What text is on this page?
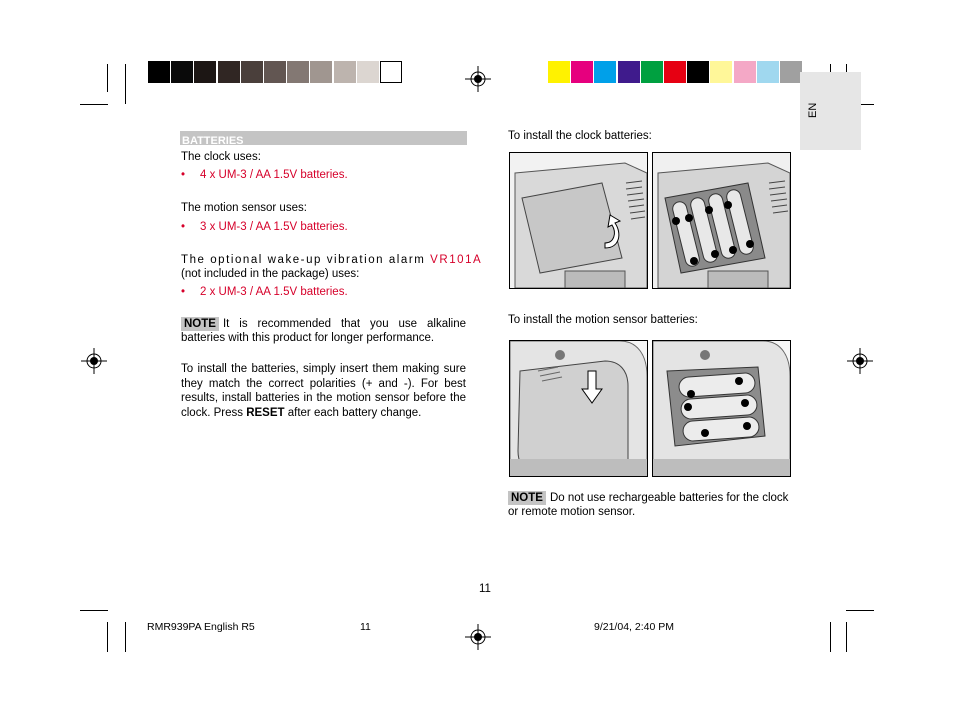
EN
BATTERIES
The clock uses:
• 4 x UM-3 / AA 1.5V batteries.
The motion sensor uses:
• 3 x UM-3 / AA 1.5V batteries.
The optional wake-up vibration alarm VR101A
(not included in the package) uses:
• 2 x UM-3 / AA 1.5V batteries.
NOTE It is recommended that you use alkaline batteries with this product for longer performance.
To install the batteries, simply insert them making sure they match the correct polarities (+ and -). For best results, install batteries in the motion sensor before the clock. Press RESET after each battery change.
To install the clock batteries:
To install the motion sensor batteries:
NOTE Do not use rechargeable batteries for the clock or remote motion sensor.
11
RMR939PA English R5	11	9/21/04, 2:40 PM
